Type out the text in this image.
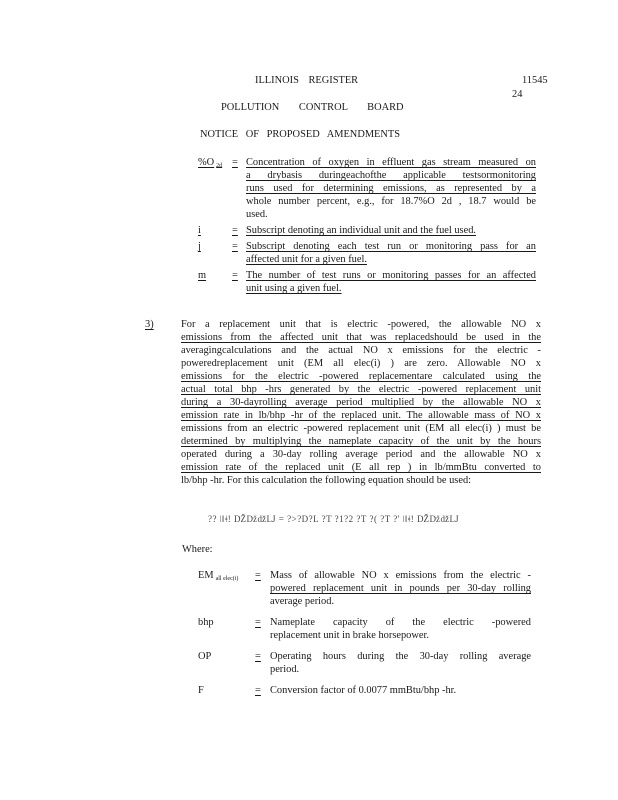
ILLINOIS REGISTER	11545
24
POLLUTION CONTROL BOARD
NOTICE OF PROPOSED AMENDMENTS
%O $_{2d}$ = Concentration of oxygen in effluent gas stream measured on
a drybasis duringeachofthe applicable testsormonitoring
runs used for determining emissions, as represented by a
whole number percent, e.g., for 18.7%O 2d , 18.7 would be
used.
i	= Subscript denoting an individual unit and the fuel used.
j	= Subscript denoting each test run or monitoring pass for an
affected unit for a given fuel.
m = The number of test runs or monitoring passes for an affected
unit using a given fuel.
3)	For a replacement unit that is electric -powered, the allowable NO x
emissions from the affected unit that was replacedshould be used in the
averagingcalculations and the actual NO x emissions for the electric -
poweredreplacement unit (EM all elec(i) ) are zero. Allowable NO x
emissions for the electric -powered replacementare calculated using the
actual total bhp -hrs generated by the electric -powered replacement unit
during a 30-dayrolling average period multiplied by the allowable NO x
emission rate in lb/bhp -hr of the replaced unit. The allowable mass of NO x
emissions from an electric -powered replacement unit (EM all elec(i) ) must be
determined by multiplying the nameplate capacity of the unit by the hours
operated during a 30-day rolling average period and the allowable NO x
emission rate of the replaced unit (E all rep ) in lb/mmBtu converted to
lb/bhp -hr. For this calculation the following equation should be used:
?? ǀǁǂǃ ǄǅǆǇ = ?>?D?L ?T ?1?2 ?T ?( ?T ?' ǀǁǂǃ ǄǅǆǇ
Where:
EM $_{all elec(i)}$ = Mass of allowable NO x emissions from the electric -
powered replacement unit in pounds per 30-day rolling
average period.
bhp	= Nameplate capacity of the electric -powered
replacement unit in brake horsepower.
OP	= Operating hours during the 30-day rolling average
period.
F	= Conversion factor of 0.0077 mmBtu/bhp -hr.
